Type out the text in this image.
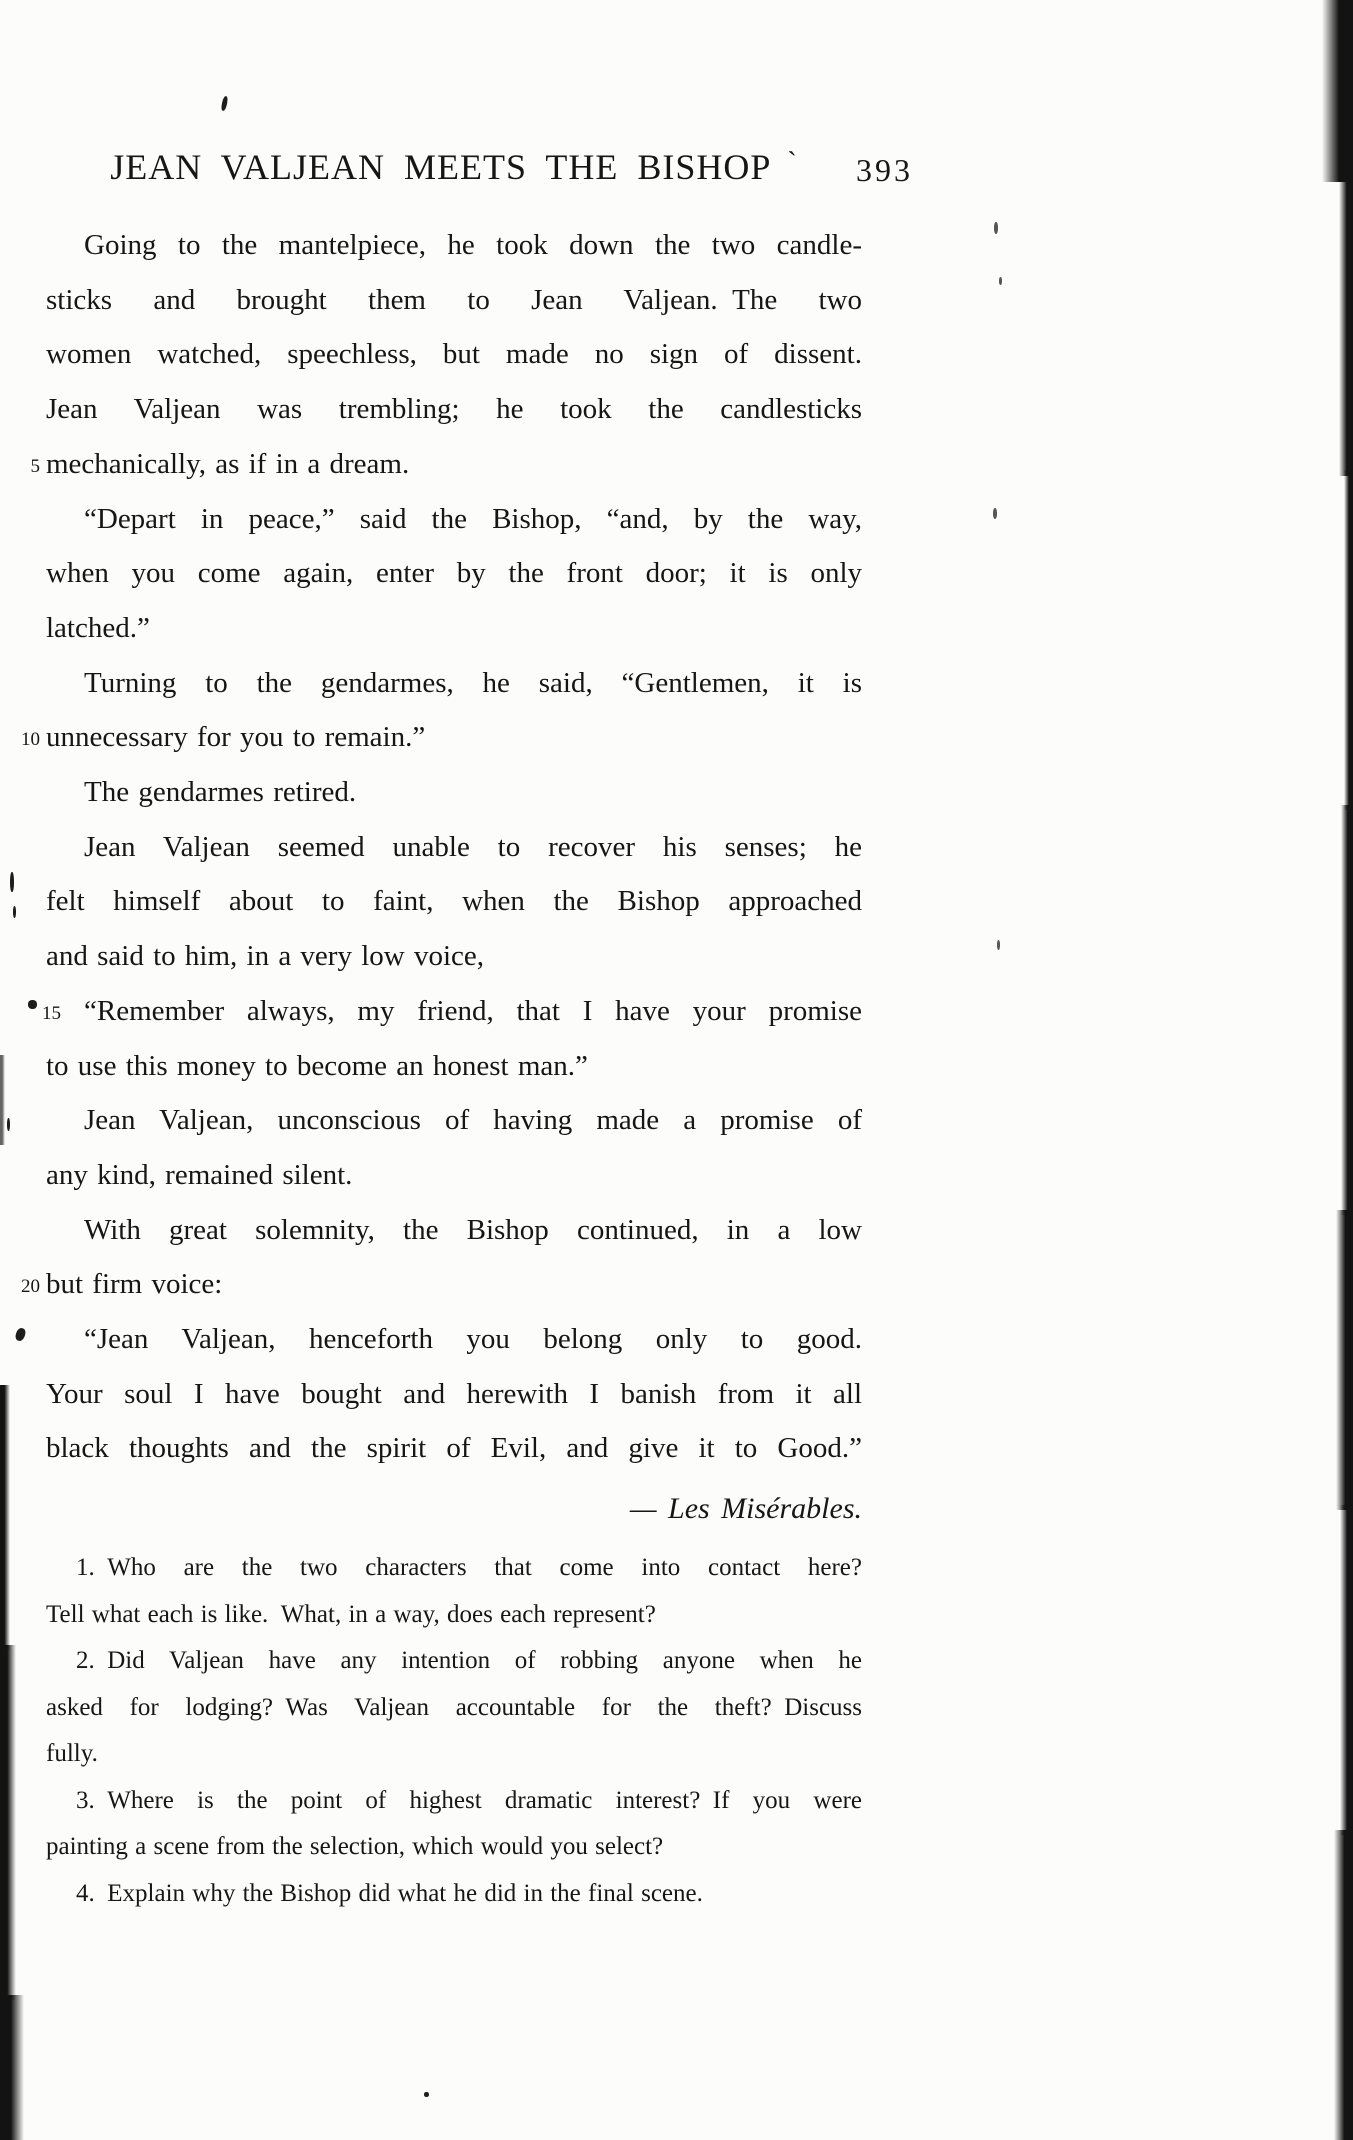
JEAN VALJEAN MEETS THE BISHOP `	393
Going to the mantelpiece, he took down the two candle-
sticks and brought them to Jean Valjean. The two
women watched, speechless, but made no sign of dissent.
Jean Valjean was trembling; he took the candlesticks
5 mechanically, as if in a dream.
“Depart in peace,” said the Bishop, “and, by the way,
when you come again, enter by the front door; it is only
latched.”
Turning to the gendarmes, he said, “Gentlemen, it is
10 unnecessary for you to remain.”
The gendarmes retired.
Jean Valjean seemed unable to recover his senses; he
felt himself about to faint, when the Bishop approached
and said to him, in a very low voice,
15 “Remember always, my friend, that I have your promise
to use this money to become an honest man.”
Jean Valjean, unconscious of having made a promise of
any kind, remained silent.
With great solemnity, the Bishop continued, in a low
20 but firm voice:
“Jean Valjean, henceforth you belong only to good.
Your soul I have bought and herewith I banish from it all
black thoughts and the spirit of Evil, and give it to Good.”
— Les Misérables.
1. Who are the two characters that come into contact here?
Tell what each is like. What, in a way, does each represent?
2. Did Valjean have any intention of robbing anyone when he
asked for lodging? Was Valjean accountable for the theft? Discuss
fully.
3. Where is the point of highest dramatic interest? If you were
painting a scene from the selection, which would you select?
4. Explain why the Bishop did what he did in the final scene.
